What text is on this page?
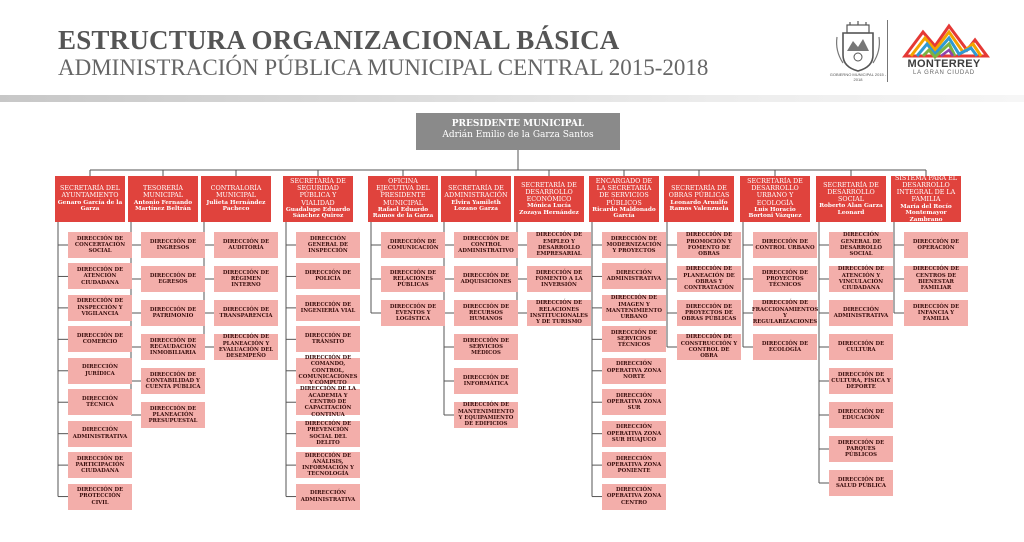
ESTRUCTURA ORGANIZACIONAL BÁSICA
ADMINISTRACIÓN PÚBLICA MUNICIPAL CENTRAL 2015-2018	GOBIERNO MUNICIPAL 2015 - 2018
MONTERREY
LA GRAN CIUDAD
PRESIDENTE MUNICIPAL
Adrián Emilio de la Garza Santos
SECRETARÍA DEL AYUNTAMIENTO
Genaro García de la Garza
DIRECCIÓN DE CONCERTACIÓN SOCIAL
DIRECCIÓN DE ATENCIÓN CIUDADANA
DIRECCIÓN DE INSPECCIÓN Y VIGILANCIA
DIRECCIÓN DE COMERCIO
DIRECCIÓN JURÍDICA
DIRECCIÓN TÉCNICA
DIRECCIÓN ADMINISTRATIVA
DIRECCIÓN DE PARTICIPACIÓN CIUDADANA
DIRECCIÓN DE PROTECCIÓN CIVIL
TESORERÍA MUNICIPAL
Antonio Fernando Martínez Beltrán
DIRECCIÓN DE INGRESOS
DIRECCIÓN DE EGRESOS
DIRECCIÓN DE PATRIMONIO
DIRECCIÓN DE RECAUDACIÓN INMOBILIARIA
DIRECCIÓN DE CONTABILIDAD Y CUENTA PÚBLICA
DIRECCIÓN DE PLANEACIÓN PRESUPUESTAL
CONTRALORÍA MUNICIPAL
Julieta Hernández Pacheco
DIRECCIÓN DE AUDITORÍA
DIRECCIÓN DE RÉGIMEN INTERNO
DIRECCIÓN DE TRANSPARENCIA
DIRECCIÓN DE PLANEACIÓN Y EVALUACIÓN DEL DESEMPEÑO
SECRETARÍA DE SEGURIDAD PÚBLICA Y VIALIDAD
Guadalupe Eduardo Sánchez Quiroz
DIRECCIÓN GENERAL DE INSPECCIÓN
DIRECCIÓN DE POLICÍA
DIRECCIÓN DE INGENIERÍA VIAL
DIRECCIÓN DE TRÁNSITO
DIRECCIÓN DE COMANDO, CONTROL, COMUNICACIONES Y CÓMPUTO
DIRECCIÓN DE LA ACADEMIA Y CENTRO DE CAPACITACIÓN CONTINUA
DIRECCIÓN DE PREVENCIÓN SOCIAL DEL DELITO
DIRECCIÓN DE ANÁLISIS, INFORMACIÓN Y TECNOLOGÍA
DIRECCIÓN ADMINISTRATIVA
OFICINA EJECUTIVA DEL PRESIDENTE MUNICIPAL
Rafael Eduardo Ramos de la Garza
DIRECCIÓN DE COMUNICACIÓN
DIRECCIÓN DE RELACIONES PÚBLICAS
DIRECCIÓN DE EVENTOS Y LOGÍSTICA
SECRETARÍA DE ADMINISTRACIÓN
Elvira Yamileth Lozano Garza
DIRECCIÓN DE CONTROL ADMINISTRATIVO
DIRECCIÓN DE ADQUISICIONES
DIRECCIÓN DE RECURSOS HUMANOS
DIRECCIÓN DE SERVICIOS MÉDICOS
DIRECCIÓN DE INFORMÁTICA
DIRECCIÓN DE MANTENIMIENTO Y EQUIPAMIENTO DE EDIFICIOS
SECRETARÍA DE DESARROLLO ECONÓMICO
Mónica Lucía Zozaya Hernández
DIRECCIÓN DE EMPLEO Y DESARROLLO EMPRESARIAL
DIRECCIÓN DE FOMENTO A LA INVERSIÓN
DIRECCIÓN DE RELACIONES INSTITUCIONALES Y DE TURISMO
ENCARGADO DE LA SECRETARÍA DE SERVICIOS PÚBLICOS
Ricardo Maldonado García
DIRECCIÓN DE MODERNIZACIÓN Y PROYECTOS
DIRECCIÓN ADMINISTRATIVA
DIRECCIÓN DE IMAGEN Y MANTENIMIENTO URBANO
DIRECCIÓN DE SERVICIOS TÉCNICOS
DIRECCIÓN OPERATIVA ZONA NORTE
DIRECCIÓN OPERATIVA ZONA SUR
DIRECCIÓN OPERATIVA ZONA SUR HUAJUCO
DIRECCIÓN OPERATIVA ZONA PONIENTE
DIRECCIÓN OPERATIVA ZONA CENTRO
SECRETARÍA DE OBRAS PÚBLICAS
Leonardo Arnulfo Ramos Valenzuela
DIRECCIÓN DE PROMOCIÓN Y FOMENTO DE OBRAS
DIRECCIÓN DE PLANEACIÓN DE OBRAS Y CONTRATACIÓN
DIRECCIÓN DE PROYECTOS DE OBRAS PÚBLICAS
DIRECCIÓN DE CONSTRUCCIÓN Y CONTROL DE OBRA
SECRETARÍA DE DESARROLLO URBANO Y ECOLOGÍA
Luis Horacio Bortoni Vázquez
DIRECCIÓN DE CONTROL URBANO
DIRECCIÓN DE PROYECTOS TÉCNICOS
DIRECCIÓN DE FRACCIONAMIENTOS Y REGULARIZACIONES
DIRECCIÓN DE ECOLOGÍA
SECRETARÍA DE DESARROLLO SOCIAL
Roberto Alan Garza Leonard
DIRECCIÓN GENERAL DE DESARROLLO SOCIAL
DIRECCIÓN DE ATENCIÓN Y VINCULACIÓN CIUDADANA
DIRECCIÓN ADMINISTRATIVA
DIRECCIÓN DE CULTURA
DIRECCIÓN DE CULTURA, FÍSICA Y DEPORTE
DIRECCIÓN DE EDUCACIÓN
DIRECCIÓN DE PARQUES PÚBLICOS
DIRECCIÓN DE SALUD PÚBLICA
SISTEMA PARA EL DESARROLLO INTEGRAL DE LA FAMILIA
María del Rocío Montemayor Zambrano
DIRECCIÓN DE OPERACIÓN
DIRECCIÓN DE CENTROS DE BIENESTAR FAMILIAR
DIRECCIÓN DE INFANCIA Y FAMILIA
